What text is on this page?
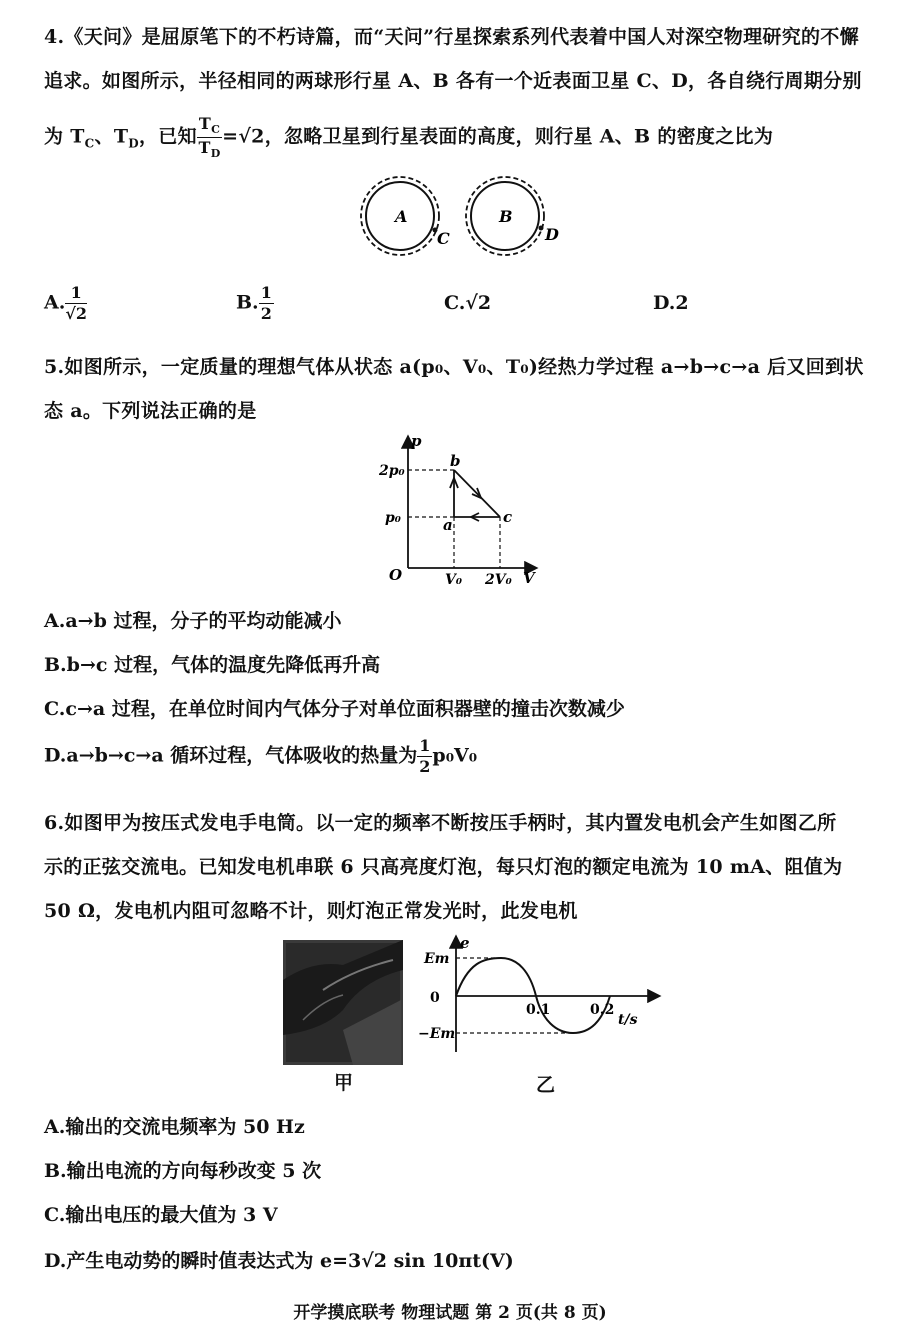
4.《天问》是屈原笔下的不朽诗篇，而“天问”行星探索系列代表着中国人对深空物理研究的不懈
追求。如图所示，半径相同的两球形行星 A、B 各有一个近表面卫星 C、D，各自绕行周期分别
为 $T_C$、$T_D$，已知 $\frac{T_C}{T_D} =√2$，忽略卫星到行星表面的高度，则行星 A、B 的密度之比为
A
C
B
D
A. $\frac{1}{√2}$	B. $\frac{1}{2}$	C.√2	D.2
5.如图所示，一定质量的理想气体从状态 a(p₀、V₀、T₀)经热力学过程 a→b→c→a 后又回到状
态 a。下列说法正确的是
p
V
O
2p₀
p₀
V₀ 2V₀
a
b
c
A.a→b 过程，分子的平均动能减小
B.b→c 过程，气体的温度先降低再升高
C.c→a 过程，在单位时间内气体分子对单位面积器壁的撞击次数减少
D.a→b→c→a 循环过程，气体吸收的热量为 $\frac{1}{2} p_0V_0$
6.如图甲为按压式发电手电筒。以一定的频率不断按压手柄时，其内置发电机会产生如图乙所
示的正弦交流电。已知发电机串联 6 只高亮度灯泡，每只灯泡的额定电流为 10 mA、阻值为
50 Ω，发电机内阻可忽略不计，则灯泡正常发光时，此发电机
甲
e
t/s
0
Em
−Em
0.1	0.2
乙
A.输出的交流电频率为 50 Hz
B.输出电流的方向每秒改变 5 次
C.输出电压的最大值为 3 V
D.产生电动势的瞬时值表达式为 e=3√2 sin 10πt(V)
开学摸底联考 物理试题 第 2 页(共 8 页)
